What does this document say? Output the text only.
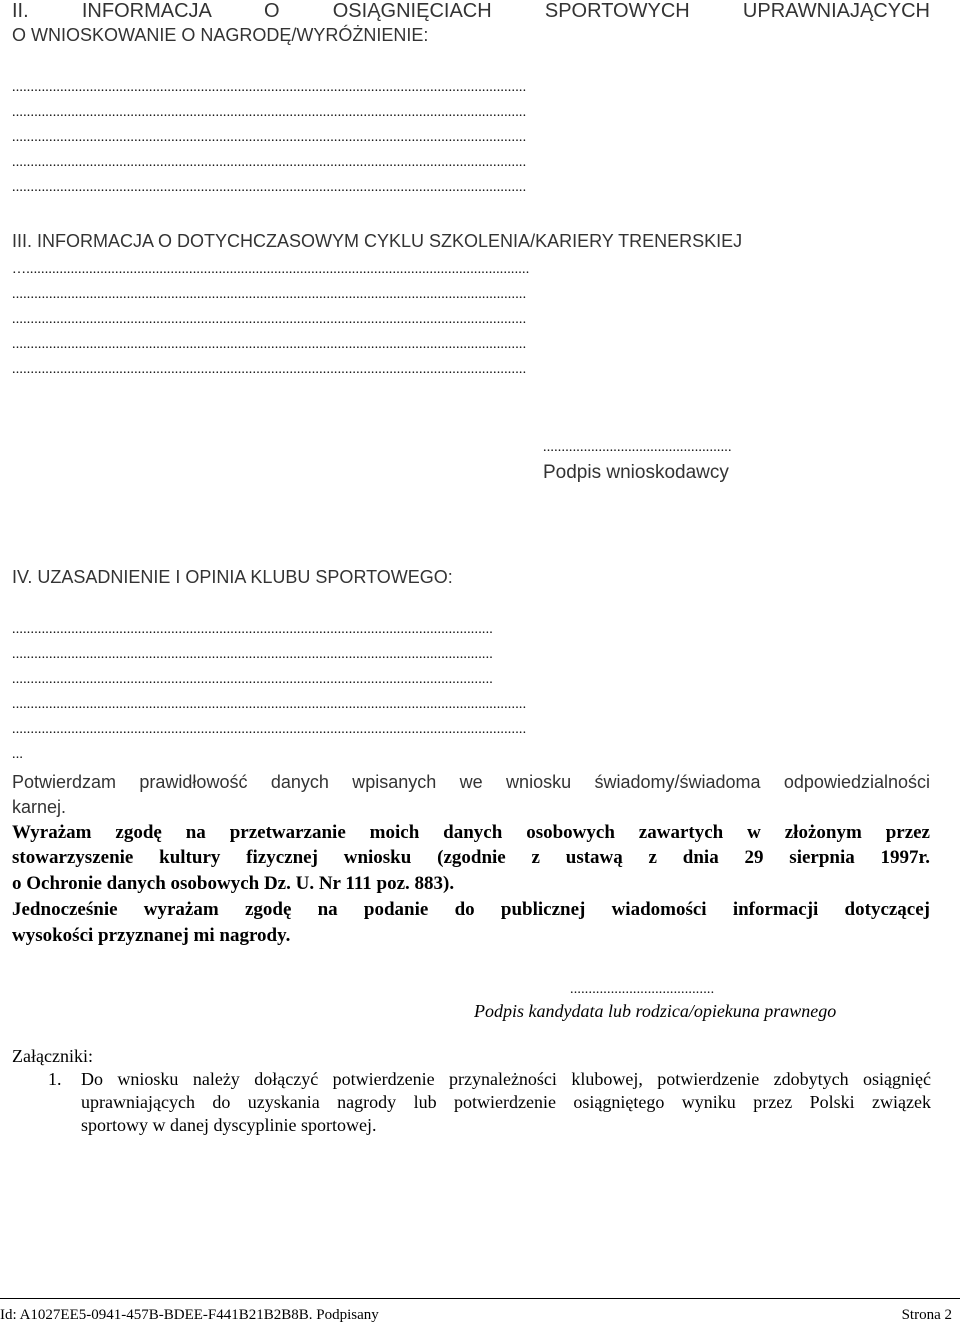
II.	INFORMACJA	O	OSIĄGNIĘCIACH	SPORTOWYCH	UPRAWNIAJĄCYCH
O WNIOSKOWANIE O NAGRODĘ/WYRÓŻNIENIE:
...........................................................................................................................................
...........................................................................................................................................
...........................................................................................................................................
...........................................................................................................................................
...........................................................................................................................................
III. INFORMACJA O DOTYCHCZASOWYM CYKLU SZKOLENIA/KARIERY TRENERSKIEJ
…........................................................................................................................................
...........................................................................................................................................
...........................................................................................................................................
...........................................................................................................................................
...........................................................................................................................................
...................................................
Podpis wnioskodawcy
IV. UZASADNIENIE I OPINIA KLUBU SPORTOWEGO:
..................................................................................................................................
..................................................................................................................................
..................................................................................................................................
...........................................................................................................................................
...........................................................................................................................................
...
Potwierdzam prawidłowość danych wpisanych we wniosku świadomy/świadoma odpowiedzialności
karnej.
Wyrażam zgodę na przetwarzanie moich danych osobowych zawartych w złożonym przez
stowarzyszenie kultury fizycznej wniosku (zgodnie z ustawą z dnia 29 sierpnia 1997r.
o Ochronie danych osobowych Dz. U. Nr 111 poz. 883).
Jednocześnie wyrażam zgodę na podanie do publicznej wiadomości informacji dotyczącej
wysokości przyznanej mi nagrody.
.......................................
Podpis kandydata lub rodzica/opiekuna prawnego
Załączniki:
1.	Do wniosku należy dołączyć potwierdzenie przynależności klubowej, potwierdzenie zdobytych osiągnięć
uprawniających do uzyskania nagrody lub potwierdzenie osiągniętego wyniku przez Polski związek
sportowy w danej dyscyplinie sportowej.
Id: A1027EE5-0941-457B-BDEE-F441B21B2B8B. Podpisany	Strona 2
